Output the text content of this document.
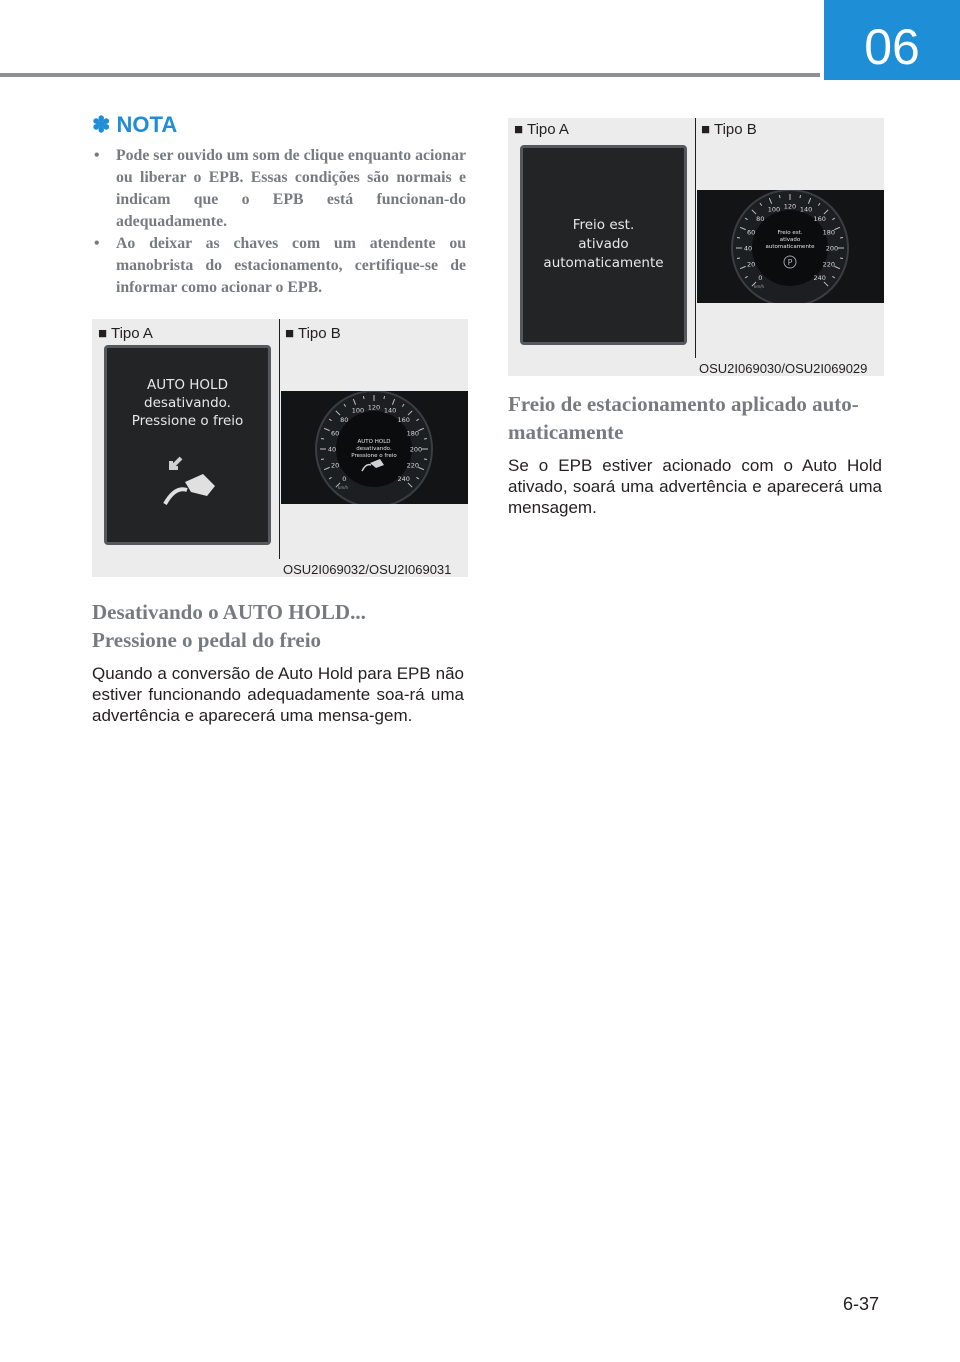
06
✽ NOTA
• Pode ser ouvido um som de clique enquanto acionar ou liberar o EPB. Essas condições são normais e indicam que o EPB está funcionan-do adequadamente.
• Ao deixar as chaves com um atendente ou manobrista do estacionamento, certifique-se de informar como acionar o EPB.
■ Tipo A	■ Tipo B
AUTO HOLD
desativando.
Pressione o freio
0
20
40
60
80
100 120 140
160
180
200
220
240
km/h
AUTO HOLD
desativando.
Pressione o freio
OSU2I069032/OSU2I069031
Desativando o AUTO HOLD...
Pressione o pedal do freio

Quando a conversão de Auto Hold para EPB não estiver funcionando adequadamente soa-rá uma advertência e aparecerá uma mensa-gem.

■ Tipo A	■ Tipo B
Freio est.
ativado
automaticamente
0
20
40
60
80
100 120 140
160
180
200
220
240
km/h
Freio est.
ativado
automaticamente
P
OSU2I069030/OSU2I069029
Freio de estacionamento aplicado auto-
maticamente

Se o EPB estiver acionado com o Auto Hold ativado, soará uma advertência e aparecerá uma mensagem.

6-37
